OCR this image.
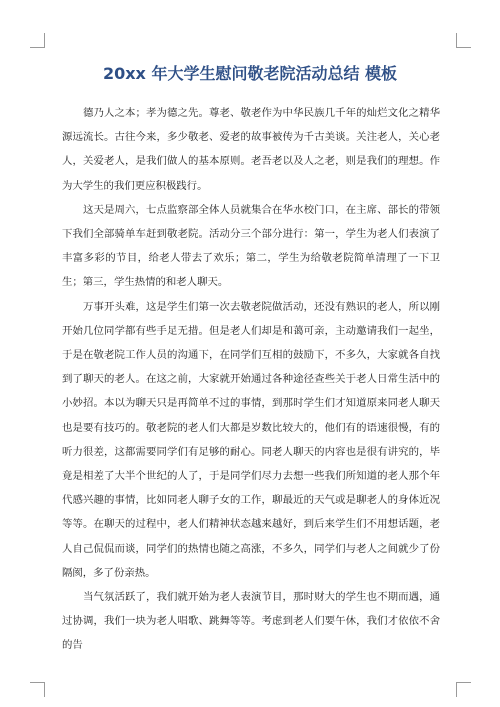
20xx 年大学生慰问敬老院活动总结 模板

德乃人之本；孝为德之先。尊老、敬老作为中华民族几千年的灿烂文化之精华源远流长。古往今来，多少敬老、爱老的故事被传为千古美谈。关注老人，关心老人，关爱老人，是我们做人的基本原则。老吾老以及人之老，则是我们的理想。作为大学生的我们更应积极践行。

这天是周六，七点监察部全体人员就集合在华水校门口，在主席、部长的带领下我们全部骑单车赶到敬老院。活动分三个部分进行：第一，学生为老人们表演了丰富多彩的节目，给老人带去了欢乐；第二，学生为给敬老院简单清理了一下卫生；第三，学生热情的和老人聊天。

万事开头难，这是学生们第一次去敬老院做活动，还没有熟识的老人，所以刚开始几位同学都有些手足无措。但是老人们却是和蔼可亲，主动邀请我们一起坐，于是在敬老院工作人员的沟通下，在同学们互相的鼓励下，不多久，大家就各自找到了聊天的老人。在这之前，大家就开始通过各种途径查些关于老人日常生活中的小妙招。本以为聊天只是再简单不过的事情，到那时学生们才知道原来同老人聊天也是要有技巧的。敬老院的老人们大都是岁数比较大的，他们有的语速很慢，有的听力很差，这都需要同学们有足够的耐心。同老人聊天的内容也是很有讲究的，毕竟是相差了大半个世纪的人了，于是同学们尽力去想一些我们所知道的老人那个年代感兴趣的事情，比如同老人聊子女的工作，聊最近的天气或是聊老人的身体近况等等。在聊天的过程中，老人们精神状态越来越好，到后来学生们不用想话题，老人自己侃侃而谈，同学们的热情也随之高涨，不多久，同学们与老人之间就少了份隔阂，多了份亲热。

当气氛活跃了，我们就开始为老人表演节目，那时财大的学生也不期而遇，通过协调，我们一块为老人唱歌、跳舞等等。考虑到老人们要午休，我们才依依不舍的告
